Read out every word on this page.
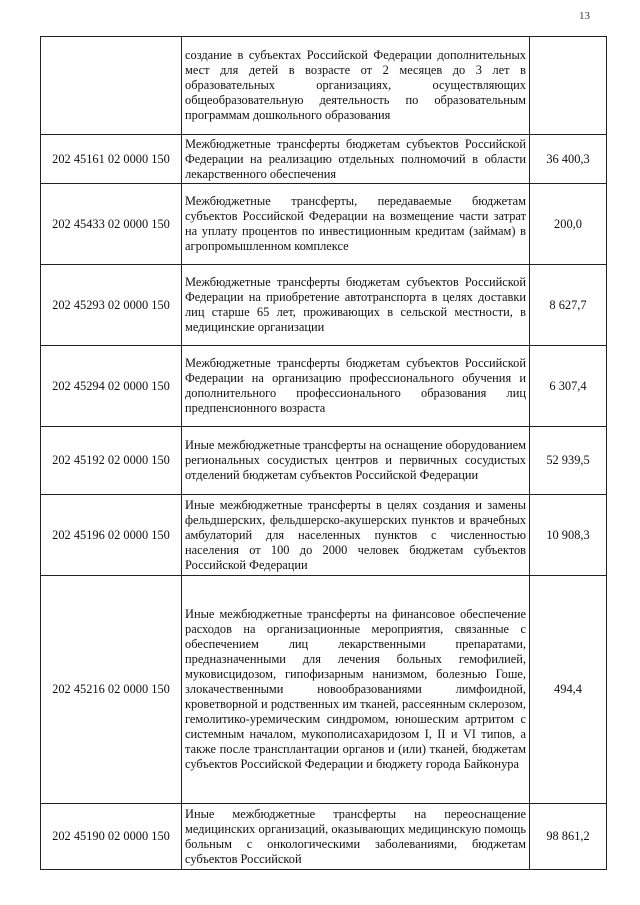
13
	создание в субъектах Российской Федерации дополнительных мест для детей в возрасте от 2 месяцев до 3 лет в образовательных организациях, осуществляющих общеобразовательную деятельность по образовательным программам дошкольного образования	
202 45161 02 0000 150	Межбюджетные трансферты бюджетам субъектов Российской Федерации на реализацию отдельных полномочий в области лекарственного обеспечения	36 400,3
202 45433 02 0000 150	Межбюджетные трансферты, передаваемые бюджетам субъектов Российской Федерации на возмещение части затрат на уплату процентов по инвестиционным кредитам (займам) в агропромышленном комплексе	200,0
202 45293 02 0000 150	Межбюджетные трансферты бюджетам субъектов Российской Федерации на приобретение автотранспорта в целях доставки лиц старше 65 лет, проживающих в сельской местности, в медицинские организации	8 627,7
202 45294 02 0000 150	Межбюджетные трансферты бюджетам субъектов Российской Федерации на организацию профессионального обучения и дополнительного профессионального образования лиц предпенсионного возраста	6 307,4
202 45192 02 0000 150	Иные межбюджетные трансферты на оснащение оборудованием региональных сосудистых центров и первичных сосудистых отделений бюджетам субъектов Российской Федерации	52 939,5
202 45196 02 0000 150	Иные межбюджетные трансферты в целях создания и замены фельдшерских, фельдшерско-акушерских пунктов и врачебных амбулаторий для населенных пунктов с численностью населения от 100 до 2000 человек бюджетам субъектов Российской Федерации	10 908,3
202 45216 02 0000 150	Иные межбюджетные трансферты на финансовое обеспечение расходов на организационные мероприятия, связанные с обеспечением лиц лекарственными препаратами, предназначенными для лечения больных гемофилией, муковисцидозом, гипофизарным нанизмом, болезнью Гоше, злокачественными новообразованиями лимфоидной, кроветворной и родственных им тканей, рассеянным склерозом, гемолитико-уремическим синдромом, юношеским артритом с системным началом, мукополисахаридозом I, II и VI типов, а также после трансплантации органов и (или) тканей, бюджетам субъектов Российской Федерации и бюджету города Байконура	494,4
202 45190 02 0000 150	Иные межбюджетные трансферты на переоснащение медицинских организаций, оказывающих медицинскую помощь больным с онкологическими заболеваниями, бюджетам субъектов Российской	98 861,2
